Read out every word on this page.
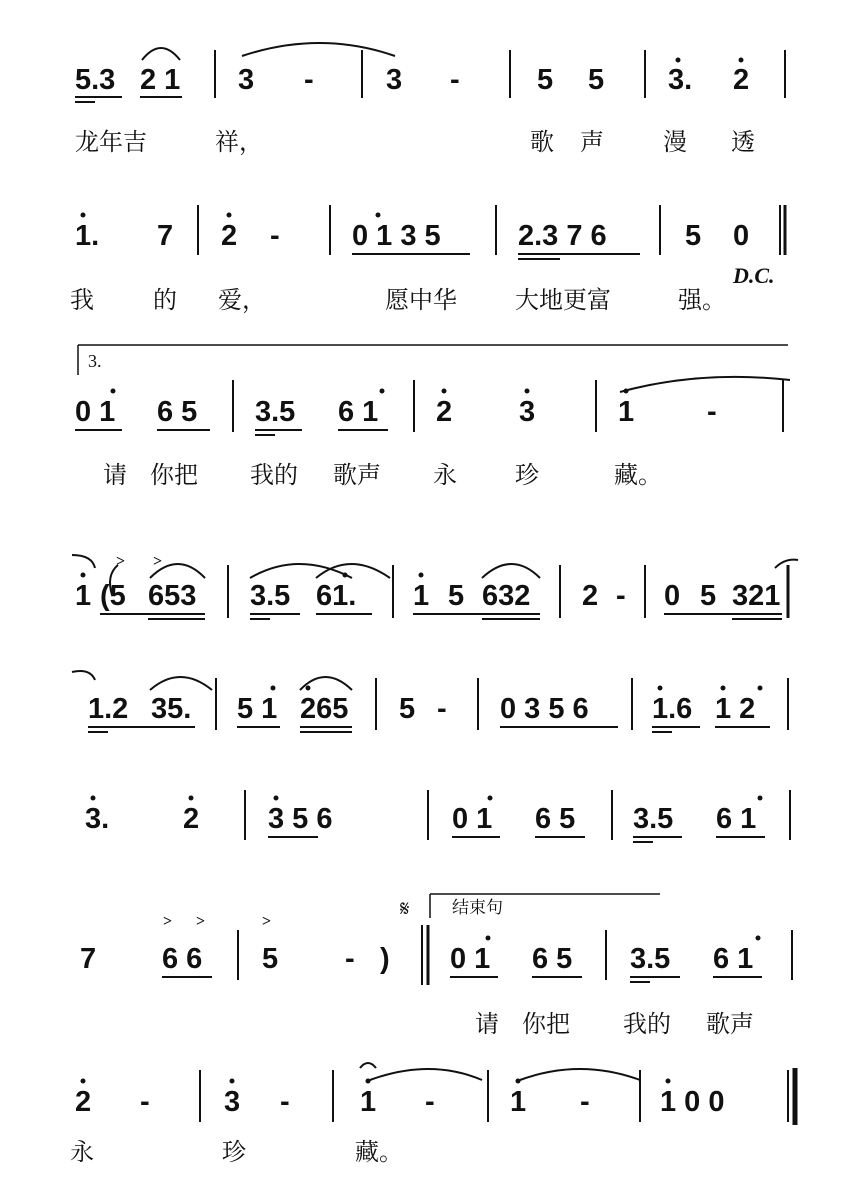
5.3 2 1 3 - 3 -	5 5 3. 2
龙年吉	祥，	歌 声 漫 透
1. 7 2 - 0 1 3 5	2.3 7 6	5 0
D.C.
我 的 爱，	愿中华 大地更富	强。
3.
0 1 6 5 3.5 6 1 2 3	1	-
请 你把 我的 歌声 永 珍	藏。
> >
1 (5 653 3.5 61. 1 5 632 2 - 0 5 321
1.2 35. 5 1 265 5 - 0 3 5 6 1.6 1 2
3.	2 3 5 6	0 1 6 5 3.5 6 1
𝄋	结束句
> >	>
7 6 6 5 - ) 0 1 6 5 3.5 6 1
请 你把 我的 歌声
2 -	3 - 1 -	1 - 1 0 0
永	珍	藏。
